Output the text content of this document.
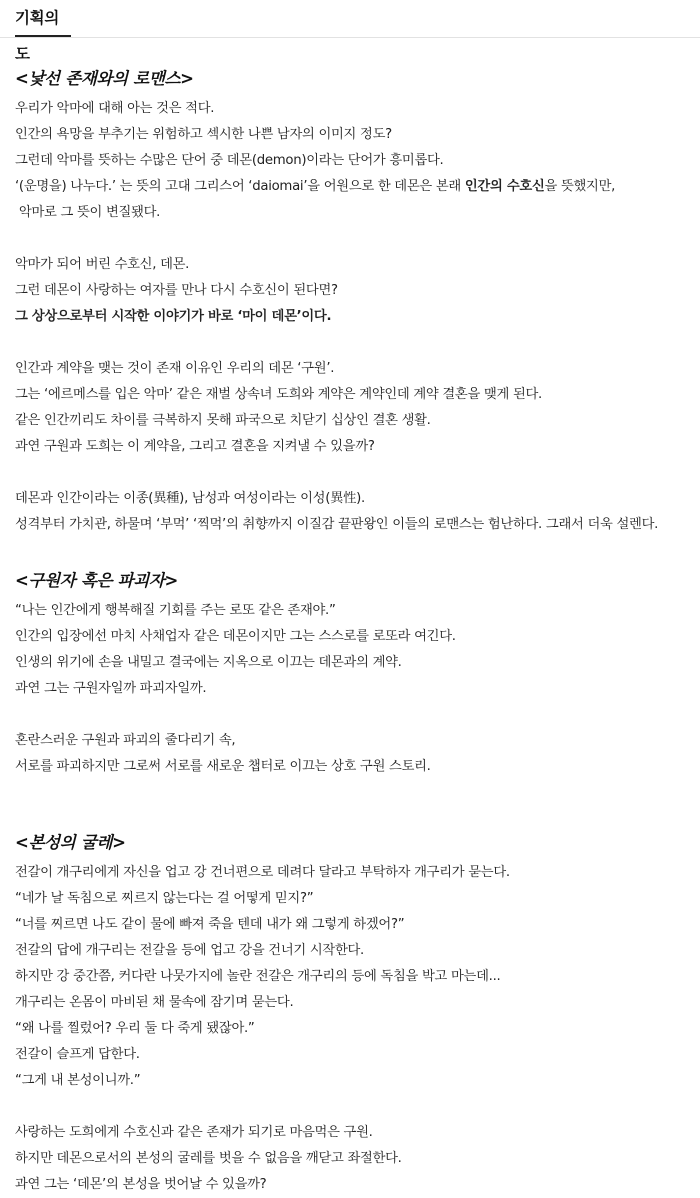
기획의도
<낯선 존재와의 로맨스>
우리가 악마에 대해 아는 것은 적다.
인간의 욕망을 부추기는 위험하고 섹시한 나쁜 남자의 이미지 정도?
그런데 악마를 뜻하는 수많은 단어 중 데몬(demon)이라는 단어가 흥미롭다.
‘(운명을) 나누다.’ 는 뜻의 고대 그리스어 ‘daiomai’을 어원으로 한 데몬은 본래 인간의 수호신을 뜻했지만,
악마로 그 뜻이 변질됐다.
악마가 되어 버린 수호신, 데몬.
그런 데몬이 사랑하는 여자를 만나 다시 수호신이 된다면?
그 상상으로부터 시작한 이야기가 바로 ‘마이 데몬’이다.
인간과 계약을 맺는 것이 존재 이유인 우리의 데몬 ‘구원’.
그는 ‘에르메스를 입은 악마’ 같은 재벌 상속녀 도희와 계약은 계약인데 계약 결혼을 맺게 된다.
같은 인간끼리도 차이를 극복하지 못해 파국으로 치닫기 십상인 결혼 생활.
과연 구원과 도희는 이 계약을, 그리고 결혼을 지켜낼 수 있을까?
데몬과 인간이라는 이종(異種), 남성과 여성이라는 이성(異性).
성격부터 가치관, 하물며 ‘부먹’ ‘찍먹’의 취향까지 이질감 끝판왕인 이들의 로맨스는 험난하다. 그래서 더욱 설렌다.
<구원자 혹은 파괴자>
“나는 인간에게 행복해질 기회를 주는 로또 같은 존재야.”
인간의 입장에선 마치 사채업자 같은 데몬이지만 그는 스스로를 로또라 여긴다.
인생의 위기에 손을 내밀고 결국에는 지옥으로 이끄는 데몬과의 계약.
과연 그는 구원자일까 파괴자일까.
혼란스러운 구원과 파괴의 줄다리기 속,
서로를 파괴하지만 그로써 서로를 새로운 챕터로 이끄는 상호 구원 스토리.
<본성의 굴레>
전갈이 개구리에게 자신을 업고 강 건너편으로 데려다 달라고 부탁하자 개구리가 묻는다.
“네가 날 독침으로 찌르지 않는다는 걸 어떻게 믿지?”
“너를 찌르면 나도 같이 물에 빠져 죽을 텐데 내가 왜 그렇게 하겠어?”
전갈의 답에 개구리는 전갈을 등에 업고 강을 건너기 시작한다.
하지만 강 중간쯤, 커다란 나뭇가지에 놀란 전갈은 개구리의 등에 독침을 박고 마는데...
개구리는 온몸이 마비된 채 물속에 잠기며 묻는다.
“왜 나를 찔렀어? 우리 둘 다 죽게 됐잖아.”
전갈이 슬프게 답한다.
“그게 내 본성이니까.”
사랑하는 도희에게 수호신과 같은 존재가 되기로 마음먹은 구원.
하지만 데몬으로서의 본성의 굴레를 벗을 수 없음을 깨닫고 좌절한다.
과연 그는 ‘데몬’의 본성을 벗어날 수 있을까?
